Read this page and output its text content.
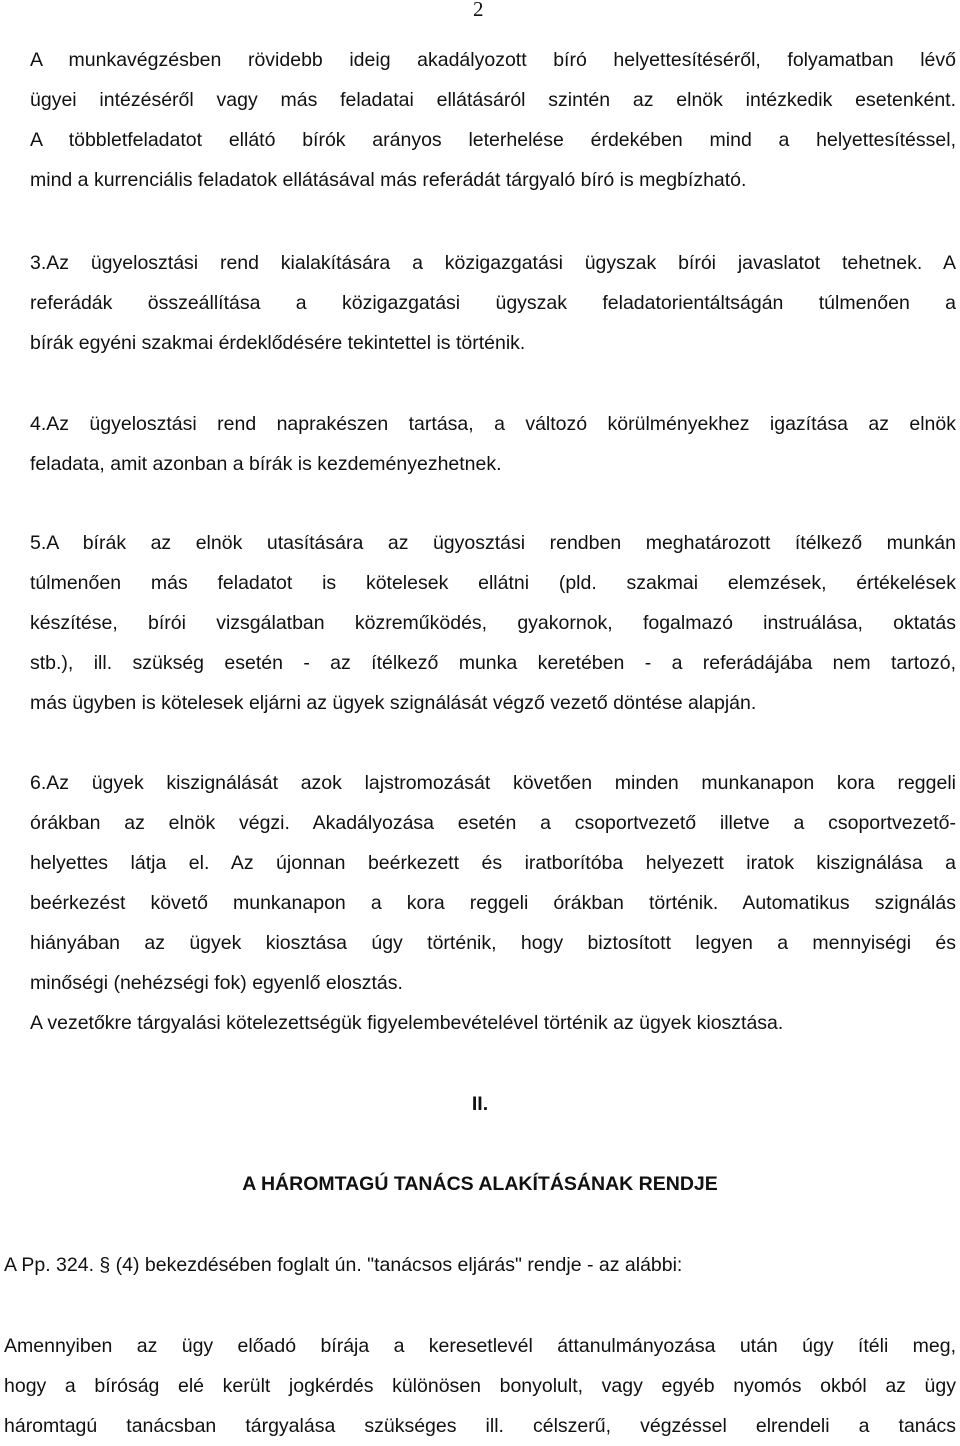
2
A munkavégzésben rövidebb ideig akadályozott bíró helyettesítéséről, folyamatban lévő
ügyei intézéséről vagy más feladatai ellátásáról szintén az elnök intézkedik esetenként.
A többletfeladatot ellátó bírók arányos leterhelése érdekében mind a helyettesítéssel,
mind a kurrenciális feladatok ellátásával más referádát tárgyaló bíró is megbízható.
3.Az ügyelosztási rend kialakítására a közigazgatási ügyszak bírói javaslatot tehetnek. A
referádák összeállítása a közigazgatási ügyszak feladatorientáltságán túlmenően a
bírák egyéni szakmai érdeklődésére tekintettel is történik.
4.Az ügyelosztási rend naprakészen tartása, a változó körülményekhez igazítása az elnök
feladata, amit azonban a bírák is kezdeményezhetnek.
5.A bírák az elnök utasítására az ügyosztási rendben meghatározott ítélkező munkán
túlmenően más feladatot is kötelesek ellátni (pld. szakmai elemzések, értékelések
készítése, bírói vizsgálatban közreműködés, gyakornok, fogalmazó instruálása, oktatás
stb.), ill. szükség esetén - az ítélkező munka keretében - a referádájába nem tartozó,
más ügyben is kötelesek eljárni az ügyek szignálását végző vezető döntése alapján.
6.Az ügyek kiszignálását azok lajstromozását követően minden munkanapon kora reggeli
órákban az elnök végzi. Akadályozása esetén a csoportvezető illetve a csoportvezető-
helyettes látja el. Az újonnan beérkezett és iratborítóba helyezett iratok kiszignálása a
beérkezést követő munkanapon a kora reggeli órákban történik. Automatikus szignálás
hiányában az ügyek kiosztása úgy történik, hogy biztosított legyen a mennyiségi és
minőségi (nehézségi fok) egyenlő elosztás.
A vezetőkre tárgyalási kötelezettségük figyelembevételével történik az ügyek kiosztása.
II.
A HÁROMTAGÚ TANÁCS ALAKÍTÁSÁNAK RENDJE
A Pp. 324. § (4) bekezdésében foglalt ún. "tanácsos eljárás" rendje - az alábbi:
Amennyiben az ügy előadó bírája a keresetlevél áttanulmányozása után úgy ítéli meg,
hogy a bíróság elé került jogkérdés különösen bonyolult, vagy egyéb nyomós okból az ügy
háromtagú tanácsban tárgyalása szükséges ill. célszerű, végzéssel elrendeli a tanács
